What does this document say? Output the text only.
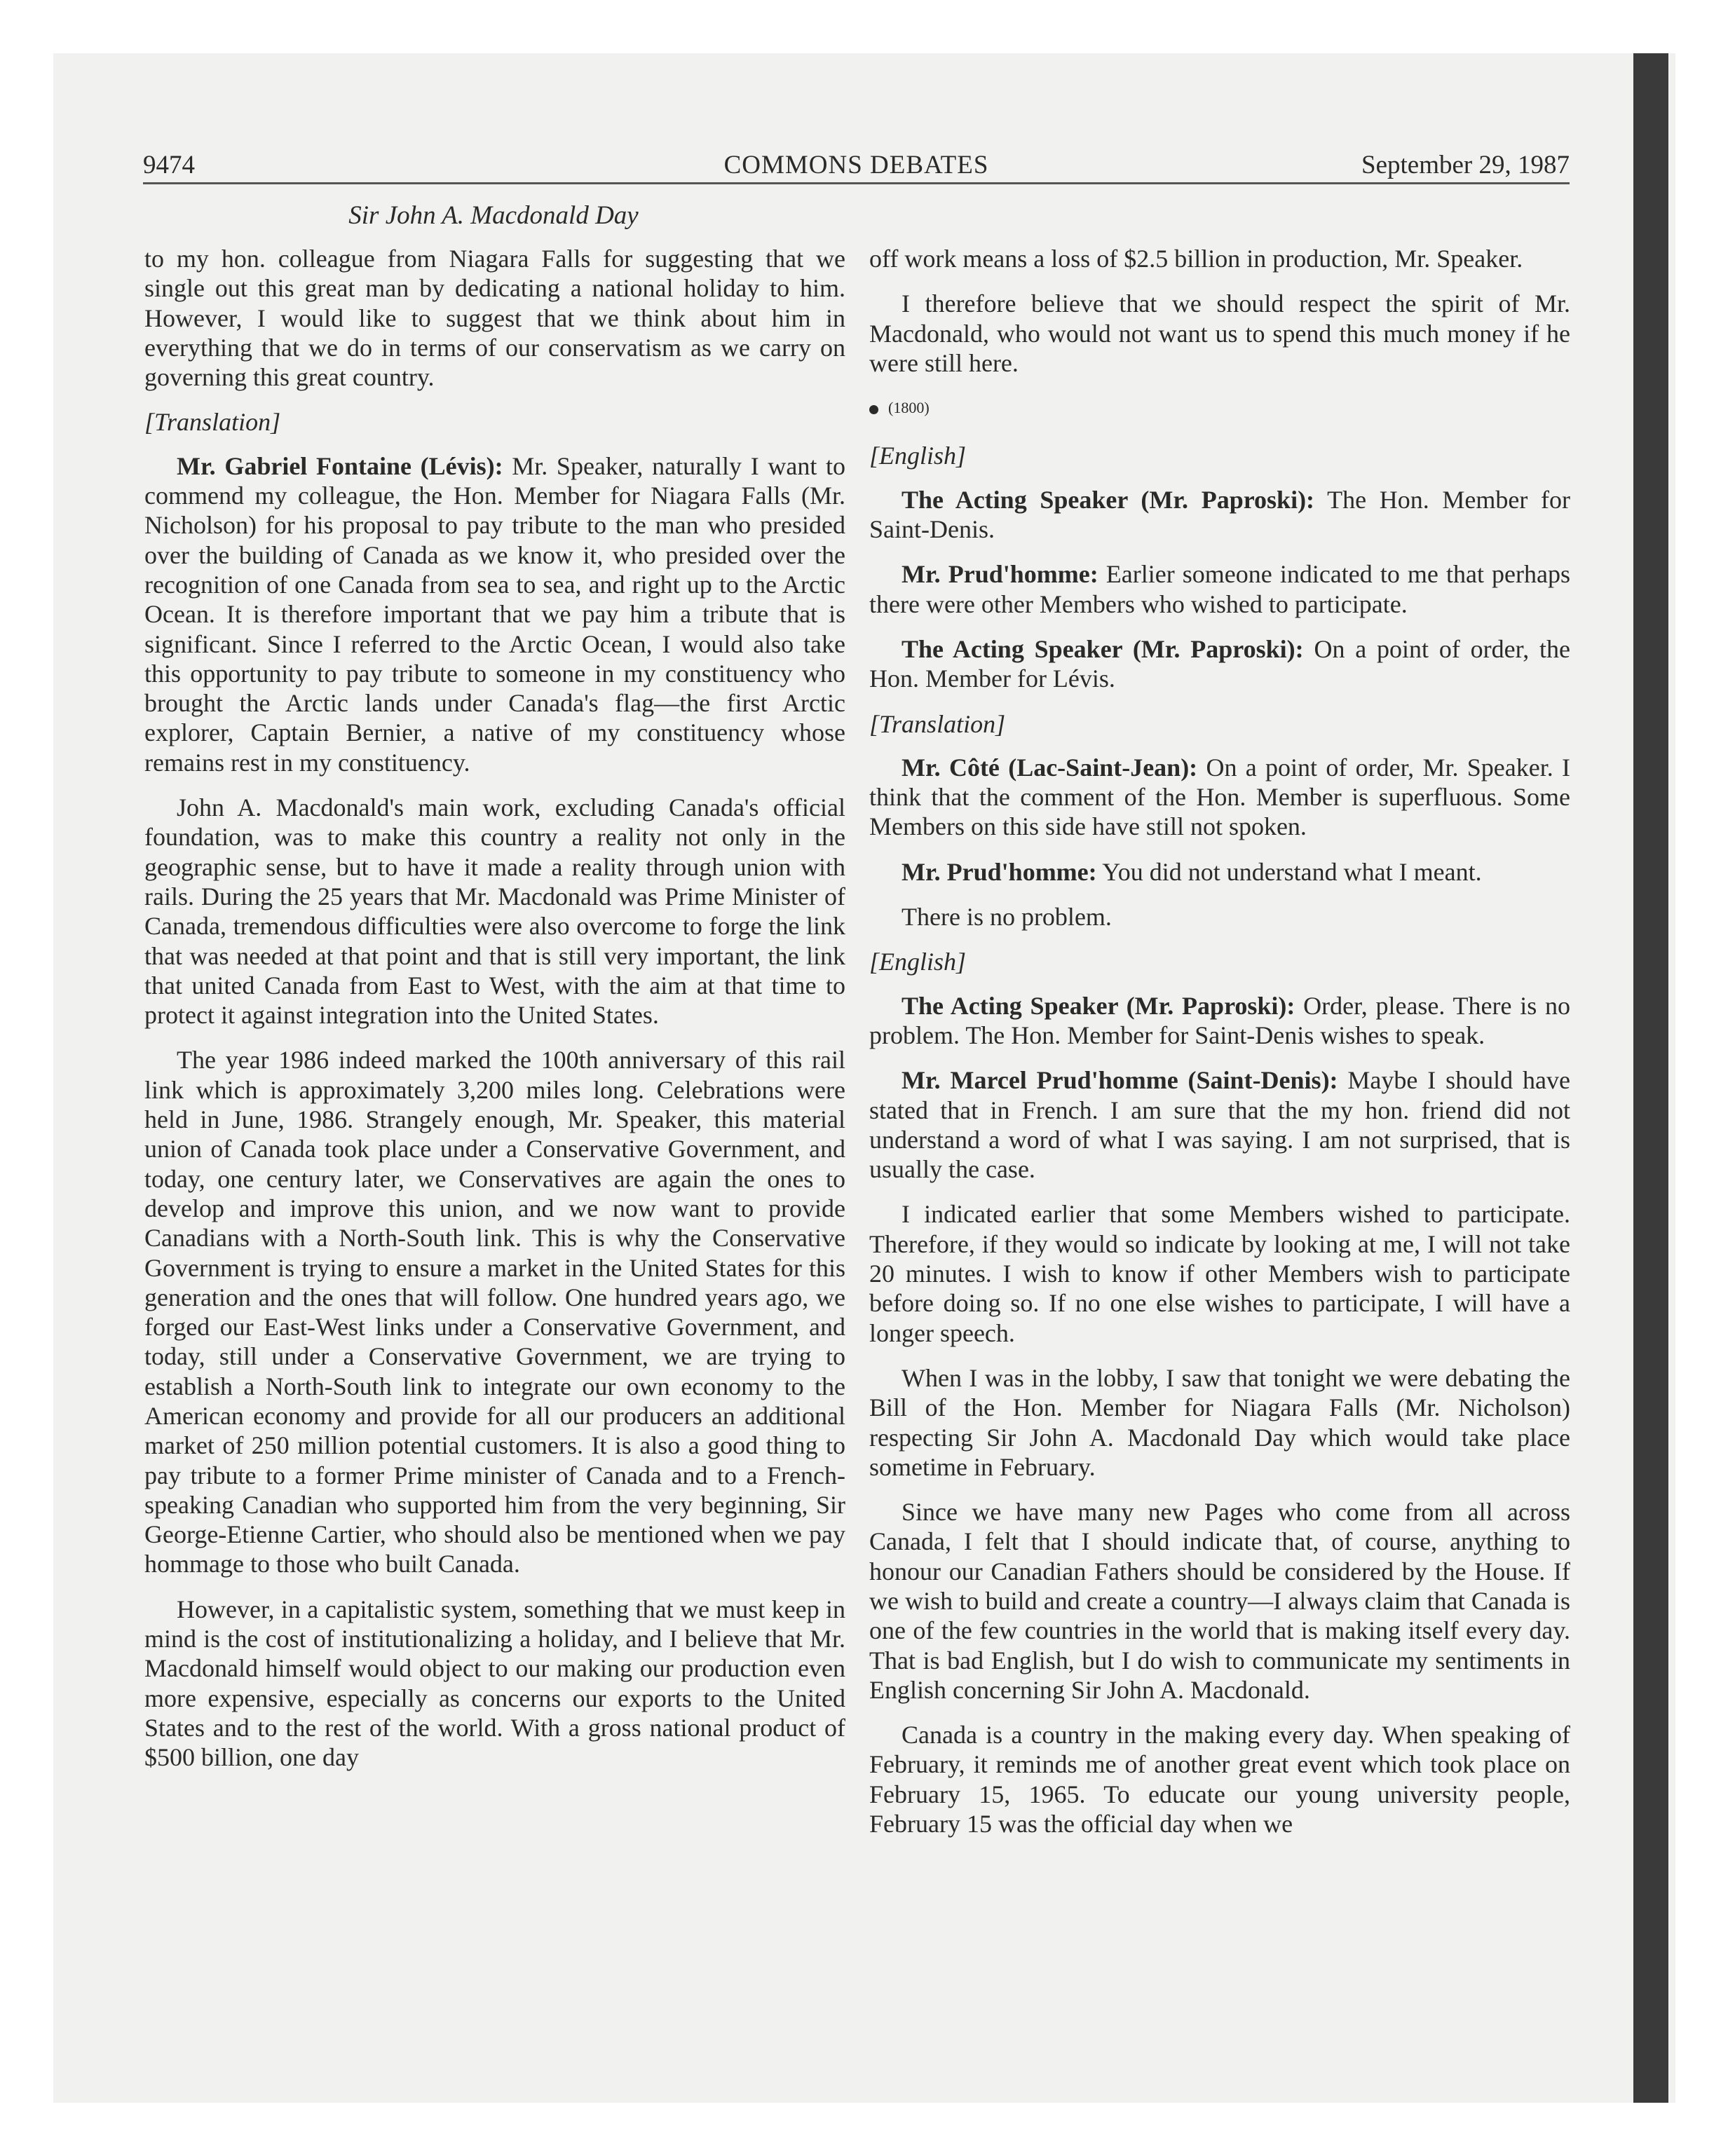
9474	COMMONS DEBATES	September 29, 1987
Sir John A. Macdonald Day

to my hon. colleague from Niagara Falls for suggesting that we single out this great man by dedicating a national holiday to him. However, I would like to suggest that we think about him in everything that we do in terms of our conservatism as we carry on governing this great country.

[Translation]

Mr. Gabriel Fontaine (Lévis): Mr. Speaker, naturally I want to commend my colleague, the Hon. Member for Niagara Falls (Mr. Nicholson) for his proposal to pay tribute to the man who presided over the building of Canada as we know it, who presided over the recognition of one Canada from sea to sea, and right up to the Arctic Ocean. It is therefore important that we pay him a tribute that is significant. Since I referred to the Arctic Ocean, I would also take this opportunity to pay tribute to someone in my constituency who brought the Arctic lands under Canada's flag—the first Arctic explorer, Captain Bernier, a native of my constituency whose remains rest in my constituency.

John A. Macdonald's main work, excluding Canada's official foundation, was to make this country a reality not only in the geographic sense, but to have it made a reality through union with rails. During the 25 years that Mr. Macdonald was Prime Minister of Canada, tremendous difficulties were also overcome to forge the link that was needed at that point and that is still very important, the link that united Canada from East to West, with the aim at that time to protect it against integration into the United States.

The year 1986 indeed marked the 100th anniversary of this rail link which is approximately 3,200 miles long. Celebrations were held in June, 1986. Strangely enough, Mr. Speaker, this material union of Canada took place under a Conservative Government, and today, one century later, we Conservatives are again the ones to develop and improve this union, and we now want to provide Canadians with a North-South link. This is why the Conservative Government is trying to ensure a market in the United States for this generation and the ones that will follow. One hundred years ago, we forged our East-West links under a Conservative Government, and today, still under a Conservative Government, we are trying to establish a North-South link to integrate our own economy to the American economy and provide for all our producers an additional market of 250 million potential customers. It is also a good thing to pay tribute to a former Prime minister of Canada and to a French-speaking Canadian who supported him from the very beginning, Sir George-Etienne Cartier, who should also be mentioned when we pay hommage to those who built Canada.

However, in a capitalistic system, something that we must keep in mind is the cost of institutionalizing a holiday, and I believe that Mr. Macdonald himself would object to our making our production even more expensive, especially as concerns our exports to the United States and to the rest of the world. With a gross national product of $500 billion, one day

off work means a loss of $2.5 billion in production, Mr. Speaker.

I therefore believe that we should respect the spirit of Mr. Macdonald, who would not want us to spend this much money if he were still here.

(1800)

[English]

The Acting Speaker (Mr. Paproski): The Hon. Member for Saint-Denis.

Mr. Prud'homme: Earlier someone indicated to me that perhaps there were other Members who wished to participate.

The Acting Speaker (Mr. Paproski): On a point of order, the Hon. Member for Lévis.

[Translation]

Mr. Côté (Lac-Saint-Jean): On a point of order, Mr. Speaker. I think that the comment of the Hon. Member is superfluous. Some Members on this side have still not spoken.

Mr. Prud'homme: You did not understand what I meant.

There is no problem.

[English]

The Acting Speaker (Mr. Paproski): Order, please. There is no problem. The Hon. Member for Saint-Denis wishes to speak.

Mr. Marcel Prud'homme (Saint-Denis): Maybe I should have stated that in French. I am sure that the my hon. friend did not understand a word of what I was saying. I am not surprised, that is usually the case.

I indicated earlier that some Members wished to participate. Therefore, if they would so indicate by looking at me, I will not take 20 minutes. I wish to know if other Members wish to participate before doing so. If no one else wishes to participate, I will have a longer speech.

When I was in the lobby, I saw that tonight we were debating the Bill of the Hon. Member for Niagara Falls (Mr. Nicholson) respecting Sir John A. Macdonald Day which would take place sometime in February.

Since we have many new Pages who come from all across Canada, I felt that I should indicate that, of course, anything to honour our Canadian Fathers should be considered by the House. If we wish to build and create a country—I always claim that Canada is one of the few countries in the world that is making itself every day. That is bad English, but I do wish to communicate my sentiments in English concerning Sir John A. Macdonald.

Canada is a country in the making every day. When speaking of February, it reminds me of another great event which took place on February 15, 1965. To educate our young university people, February 15 was the official day when we
